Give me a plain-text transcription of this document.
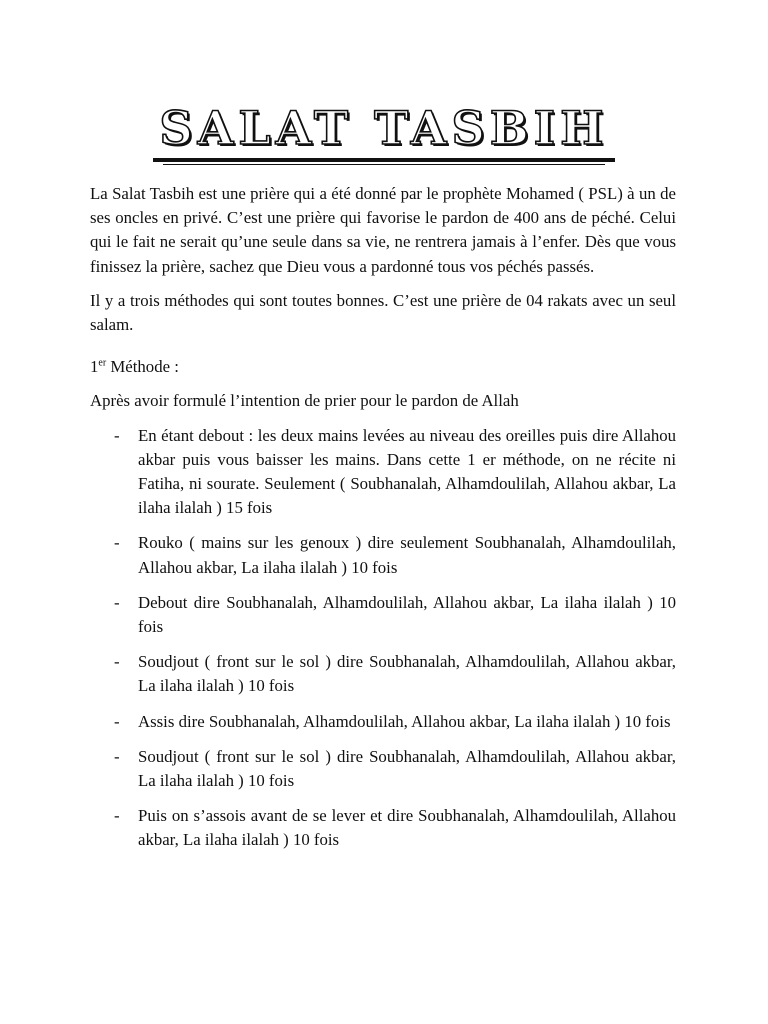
SALAT TASBIH

La Salat Tasbih est une prière qui a été donné par le prophète Mohamed ( PSL) à un de ses oncles en privé. C’est une prière qui favorise le pardon de 400 ans de péché. Celui qui le fait ne serait qu’une seule dans sa vie, ne rentrera jamais à l’enfer. Dès que vous finissez la prière, sachez que Dieu vous a pardonné tous vos péchés passés.

Il y a trois méthodes qui sont toutes bonnes. C’est une prière de 04 rakats avec un seul salam.

1er Méthode :

Après avoir formulé l’intention de prier pour le pardon de Allah

- En étant debout : les deux mains levées au niveau des oreilles puis dire Allahou akbar puis vous baisser les mains. Dans cette 1 er méthode, on ne récite ni Fatiha, ni sourate. Seulement ( Soubhanalah, Alhamdoulilah, Allahou akbar, La ilaha ilalah ) 15 fois
- Rouko ( mains sur les genoux ) dire seulement Soubhanalah, Alhamdoulilah, Allahou akbar, La ilaha ilalah ) 10 fois
- Debout dire Soubhanalah, Alhamdoulilah, Allahou akbar, La ilaha ilalah ) 10 fois
- Soudjout ( front sur le sol ) dire Soubhanalah, Alhamdoulilah, Allahou akbar, La ilaha ilalah ) 10 fois
- Assis dire Soubhanalah, Alhamdoulilah, Allahou akbar, La ilaha ilalah ) 10 fois
- Soudjout ( front sur le sol ) dire Soubhanalah, Alhamdoulilah, Allahou akbar, La ilaha ilalah ) 10 fois
- Puis on s’assois avant de se lever et dire Soubhanalah, Alhamdoulilah, Allahou akbar, La ilaha ilalah ) 10 fois
